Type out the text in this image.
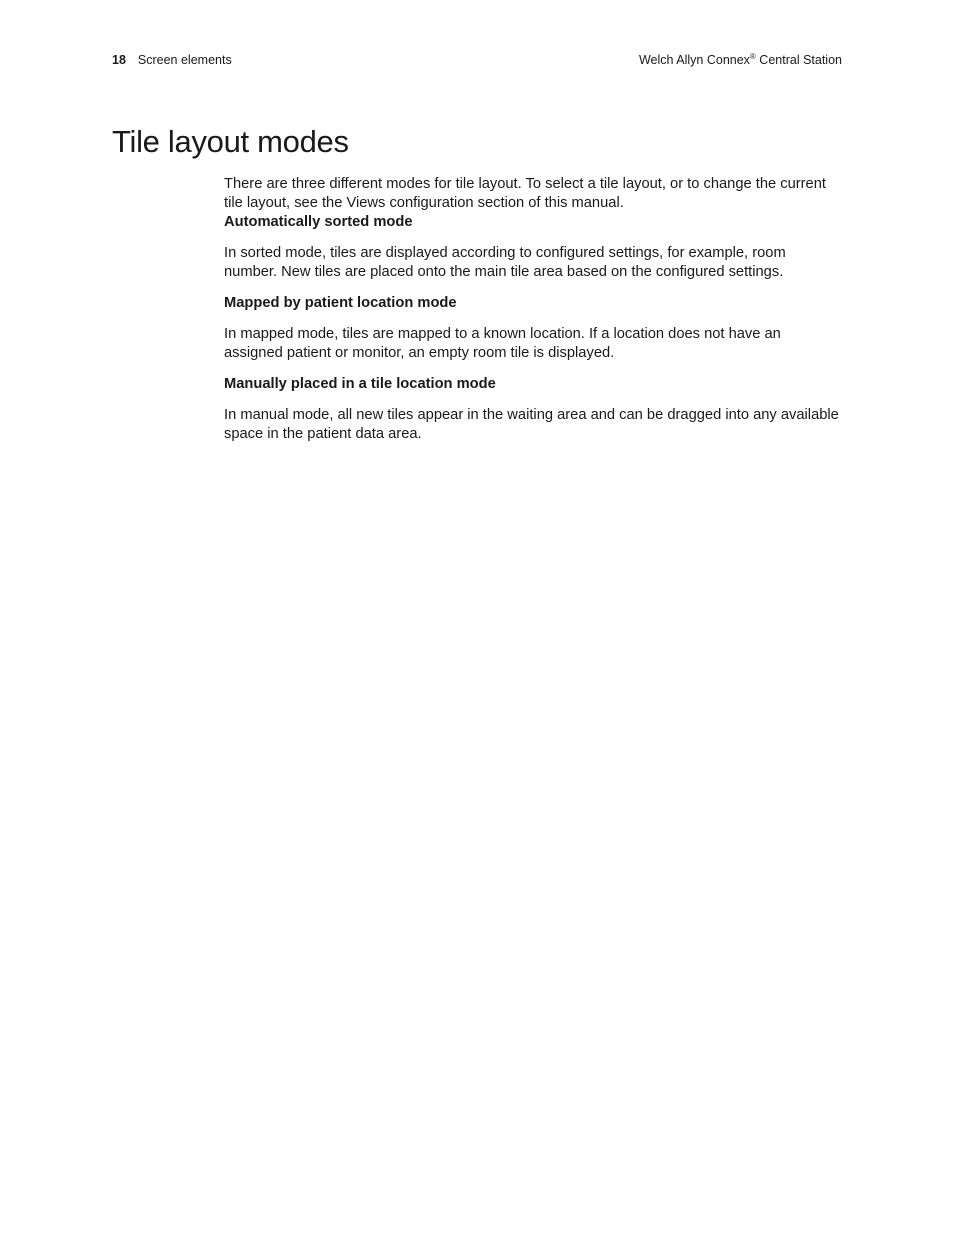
18 Screen elements	Welch Allyn Connex® Central Station
Tile layout modes

There are three different modes for tile layout. To select a tile layout, or to change the current tile layout, see the Views configuration section of this manual.

Automatically sorted mode

In sorted mode, tiles are displayed according to configured settings, for example, room number. New tiles are placed onto the main tile area based on the configured settings.

Mapped by patient location mode

In mapped mode, tiles are mapped to a known location. If a location does not have an assigned patient or monitor, an empty room tile is displayed.

Manually placed in a tile location mode

In manual mode, all new tiles appear in the waiting area and can be dragged into any available space in the patient data area.
